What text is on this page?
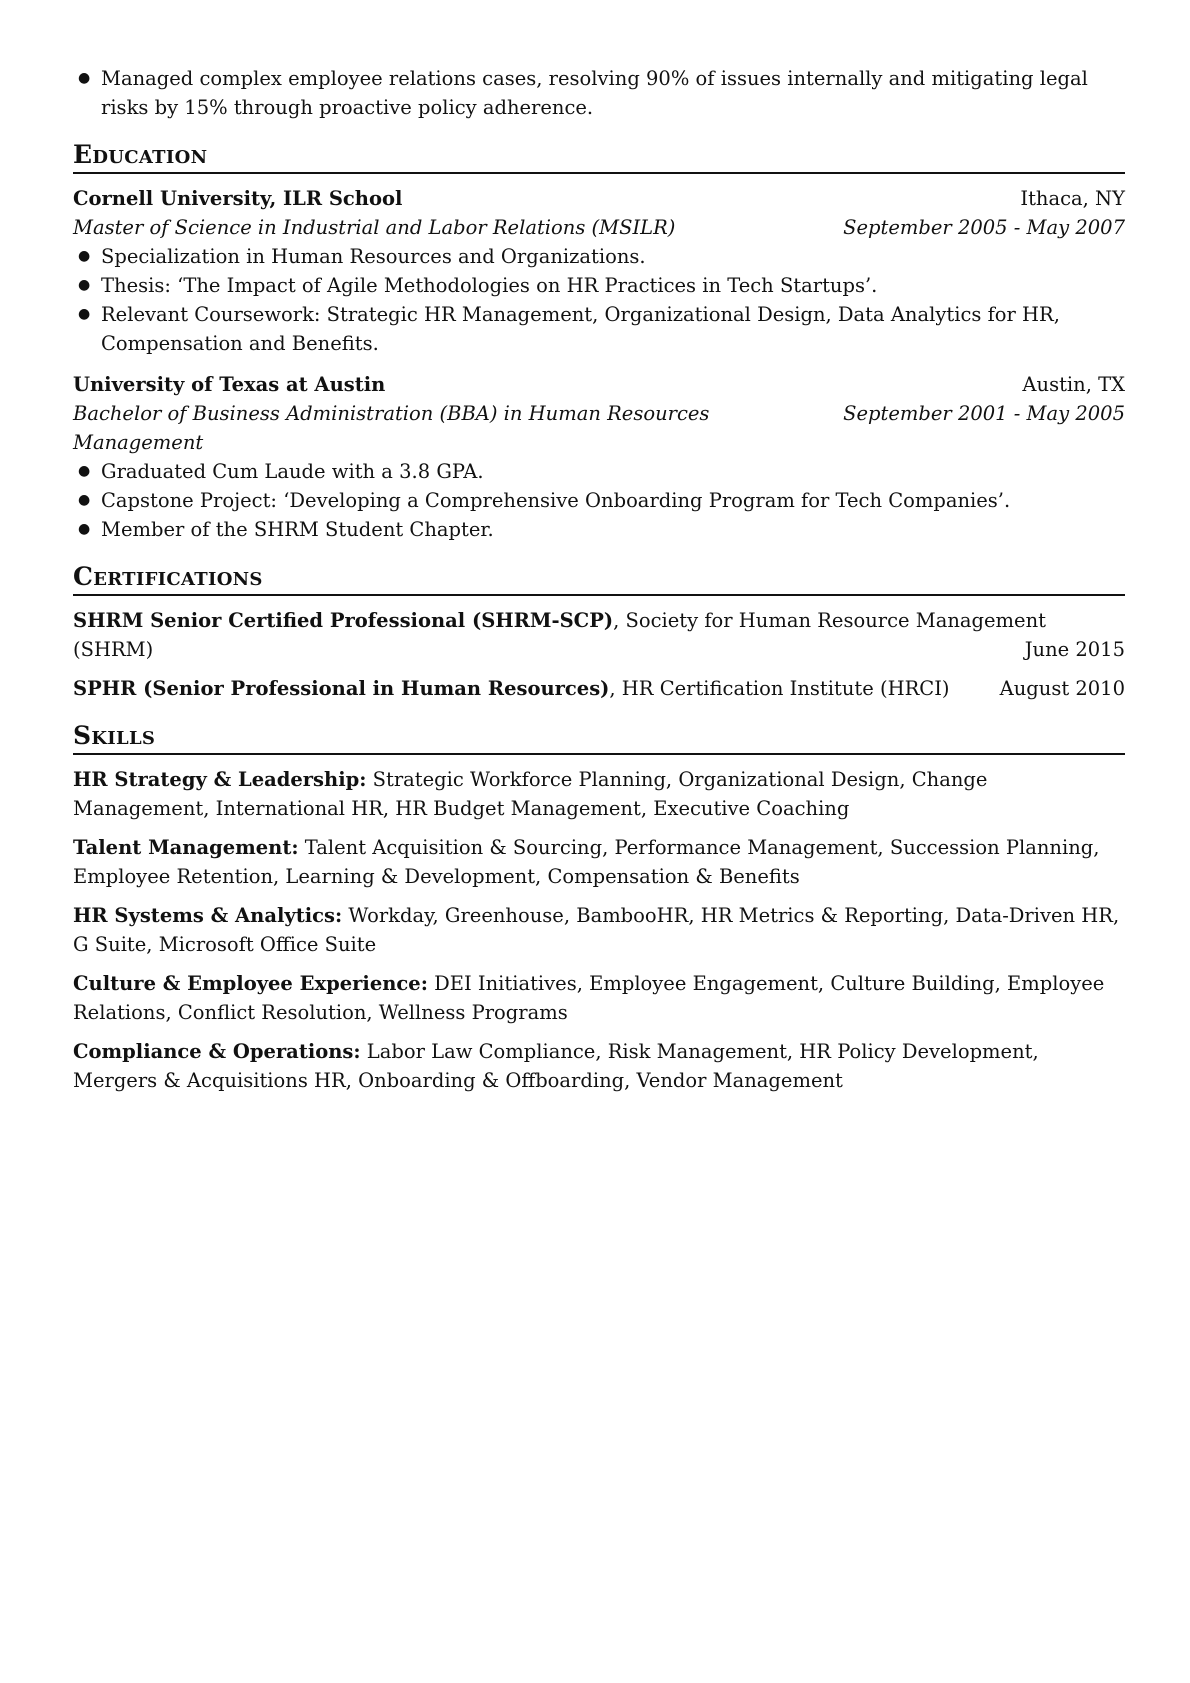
● Managed complex employee relations cases, resolving 90% of issues internally and mitigating legal risks by 15% through proactive policy adherence.
Education
Cornell University, ILR School	Ithaca, NY
Master of Science in Industrial and Labor Relations (MSILR)	September 2005 - May 2007
● Specialization in Human Resources and Organizations.
● Thesis: ‘The Impact of Agile Methodologies on HR Practices in Tech Startups’.
● Relevant Coursework: Strategic HR Management, Organizational Design, Data Analytics for HR, Compensation and Benefits.
University of Texas at Austin	Austin, TX
Bachelor of Business Administration (BBA) in Human Resources Management
September 2001 - May 2005
● Graduated Cum Laude with a 3.8 GPA.
● Capstone Project: ‘Developing a Comprehensive Onboarding Program for Tech Companies’.
● Member of the SHRM Student Chapter.
Certifications
SHRM Senior Certified Professional (SHRM-SCP), Society for Human Resource Management
(SHRM)	June 2015
SPHR (Senior Professional in Human Resources), HR Certification Institute (HRCI)	August 2010
Skills
HR Strategy & Leadership: Strategic Workforce Planning, Organizational Design, Change Management, International HR, HR Budget Management, Executive Coaching
Talent Management: Talent Acquisition & Sourcing, Performance Management, Succession Planning, Employee Retention, Learning & Development, Compensation & Benefits
HR Systems & Analytics: Workday, Greenhouse, BambooHR, HR Metrics & Reporting, Data-Driven HR, G Suite, Microsoft Office Suite
Culture & Employee Experience: DEI Initiatives, Employee Engagement, Culture Building, Employee Relations, Conflict Resolution, Wellness Programs
Compliance & Operations: Labor Law Compliance, Risk Management, HR Policy Development, Mergers & Acquisitions HR, Onboarding & Offboarding, Vendor Management
